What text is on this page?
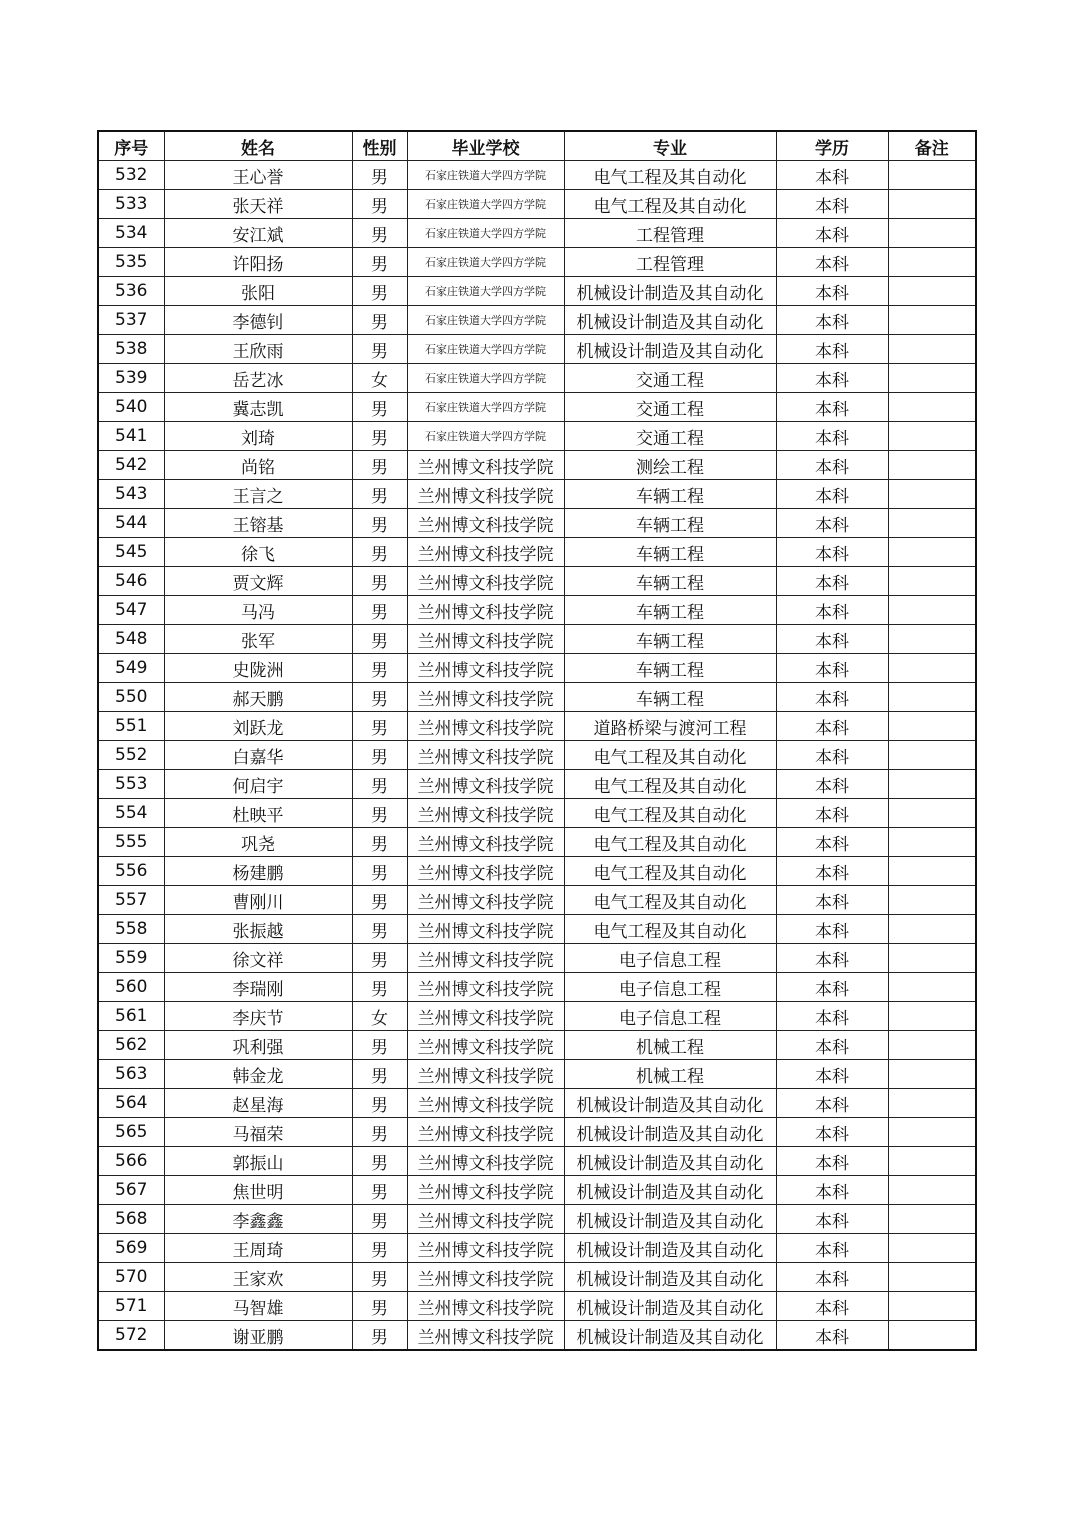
序号	姓名	性别	毕业学校	专业	学历	备注
532	王心誉	男	石家庄铁道大学四方学院	电气工程及其自动化	本科	
533	张天祥	男	石家庄铁道大学四方学院	电气工程及其自动化	本科	
534	安江斌	男	石家庄铁道大学四方学院	工程管理	本科	
535	许阳扬	男	石家庄铁道大学四方学院	工程管理	本科	
536	张阳	男	石家庄铁道大学四方学院	机械设计制造及其自动化	本科	
537	李德钊	男	石家庄铁道大学四方学院	机械设计制造及其自动化	本科	
538	王欣雨	男	石家庄铁道大学四方学院	机械设计制造及其自动化	本科	
539	岳艺冰	女	石家庄铁道大学四方学院	交通工程	本科	
540	冀志凯	男	石家庄铁道大学四方学院	交通工程	本科	
541	刘琦	男	石家庄铁道大学四方学院	交通工程	本科	
542	尚铭	男	兰州博文科技学院	测绘工程	本科	
543	王言之	男	兰州博文科技学院	车辆工程	本科	
544	王镕基	男	兰州博文科技学院	车辆工程	本科	
545	徐飞	男	兰州博文科技学院	车辆工程	本科	
546	贾文辉	男	兰州博文科技学院	车辆工程	本科	
547	马冯	男	兰州博文科技学院	车辆工程	本科	
548	张军	男	兰州博文科技学院	车辆工程	本科	
549	史陇洲	男	兰州博文科技学院	车辆工程	本科	
550	郝天鹏	男	兰州博文科技学院	车辆工程	本科	
551	刘跃龙	男	兰州博文科技学院	道路桥梁与渡河工程	本科	
552	白嘉华	男	兰州博文科技学院	电气工程及其自动化	本科	
553	何启宇	男	兰州博文科技学院	电气工程及其自动化	本科	
554	杜映平	男	兰州博文科技学院	电气工程及其自动化	本科	
555	巩尧	男	兰州博文科技学院	电气工程及其自动化	本科	
556	杨建鹏	男	兰州博文科技学院	电气工程及其自动化	本科	
557	曹刚川	男	兰州博文科技学院	电气工程及其自动化	本科	
558	张振越	男	兰州博文科技学院	电气工程及其自动化	本科	
559	徐文祥	男	兰州博文科技学院	电子信息工程	本科	
560	李瑞刚	男	兰州博文科技学院	电子信息工程	本科	
561	李庆节	女	兰州博文科技学院	电子信息工程	本科	
562	巩利强	男	兰州博文科技学院	机械工程	本科	
563	韩金龙	男	兰州博文科技学院	机械工程	本科	
564	赵星海	男	兰州博文科技学院	机械设计制造及其自动化	本科	
565	马福荣	男	兰州博文科技学院	机械设计制造及其自动化	本科	
566	郭振山	男	兰州博文科技学院	机械设计制造及其自动化	本科	
567	焦世明	男	兰州博文科技学院	机械设计制造及其自动化	本科	
568	李鑫鑫	男	兰州博文科技学院	机械设计制造及其自动化	本科	
569	王周琦	男	兰州博文科技学院	机械设计制造及其自动化	本科	
570	王家欢	男	兰州博文科技学院	机械设计制造及其自动化	本科	
571	马智雄	男	兰州博文科技学院	机械设计制造及其自动化	本科	
572	谢亚鹏	男	兰州博文科技学院	机械设计制造及其自动化	本科	
